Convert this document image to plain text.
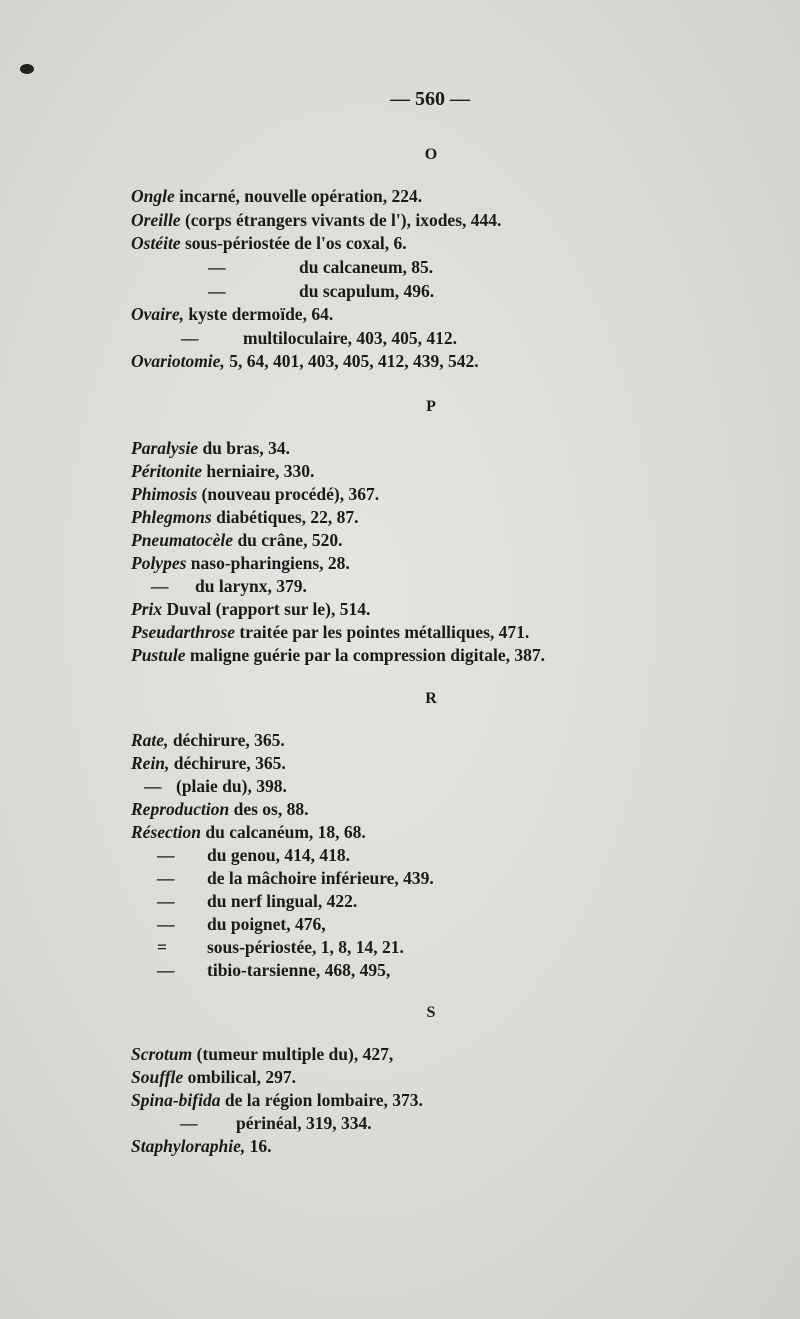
— 560 —
O
Ongle incarné, nouvelle opération, 224.
Oreille (corps étrangers vivants de l'), ixodes, 444.
Ostéite sous-périostée de l'os coxal, 6.
—	du calcaneum, 85.
—	du scapulum, 496.
Ovaire, kyste dermoïde, 64.
—	multiloculaire, 403, 405, 412.
Ovariotomie, 5, 64, 401, 403, 405, 412, 439, 542.
P
Paralysie du bras, 34.
Péritonite herniaire, 330.
Phimosis (nouveau procédé), 367.
Phlegmons diabétiques, 22, 87.
Pneumatocèle du crâne, 520.
Polypes naso-pharingiens, 28.
— du larynx, 379.
Prix Duval (rapport sur le), 514.
Pseudarthrose traitée par les pointes métalliques, 471.
Pustule maligne guérie par la compression digitale, 387.
R
Rate, déchirure, 365.
Rein, déchirure, 365.
— (plaie du), 398.
Reproduction des os, 88.
Résection du calcanéum, 18, 68.
— du genou, 414, 418.
— de la mâchoire inférieure, 439.
— du nerf lingual, 422.
— du poignet, 476,
= sous-périostée, 1, 8, 14, 21.
— tibio-tarsienne, 468, 495,
S
Scrotum (tumeur multiple du), 427,
Souffle ombilical, 297.
Spina-bifida de la région lombaire, 373.
— périnéal, 319, 334.
Staphyloraphie, 16.
